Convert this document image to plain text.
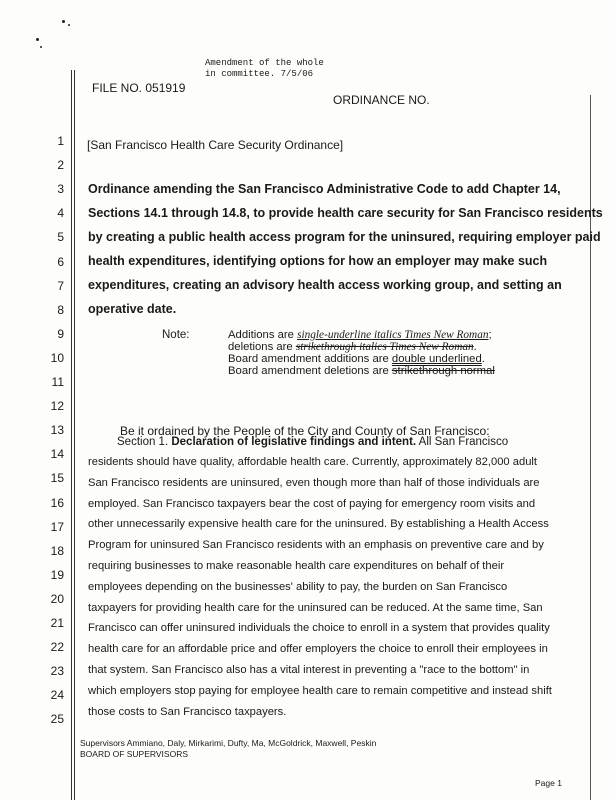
Amendment of the whole
in committee. 7/5/06
FILE NO. 051919
ORDINANCE NO.
1
2
3
4
5
6
7
8
9
10
11
12
13
14
15
16
17
18
19
20
21
22
23
24
25
[San Francisco Health Care Security Ordinance]
Ordinance amending the San Francisco Administrative Code to add Chapter 14,
Sections 14.1 through 14.8, to provide health care security for San Francisco residents
by creating a public health access program for the uninsured, requiring employer paid
health expenditures, identifying options for how an employer may make such
expenditures, creating an advisory health access working group, and setting an
operative date.
Note:	Additions are single-underline italics Times New Roman;
deletions are strikethrough italics Times New Roman.
Board amendment additions are double underlined.
Board amendment deletions are strikethrough normal
Be it ordained by the People of the City and County of San Francisco:
Section 1. Declaration of legislative findings and intent. All San Francisco
residents should have quality, affordable health care. Currently, approximately 82,000 adult
San Francisco residents are uninsured, even though more than half of those individuals are
employed. San Francisco taxpayers bear the cost of paying for emergency room visits and
other unnecessarily expensive health care for the uninsured. By establishing a Health Access
Program for uninsured San Francisco residents with an emphasis on preventive care and by
requiring businesses to make reasonable health care expenditures on behalf of their
employees depending on the businesses' ability to pay, the burden on San Francisco
taxpayers for providing health care for the uninsured can be reduced. At the same time, San
Francisco can offer uninsured individuals the choice to enroll in a system that provides quality
health care for an affordable price and offer employers the choice to enroll their employees in
that system. San Francisco also has a vital interest in preventing a "race to the bottom" in
which employers stop paying for employee health care to remain competitive and instead shift
those costs to San Francisco taxpayers.
Supervisors Ammiano, Daly, Mirkarimi, Dufty, Ma, McGoldrick, Maxwell, Peskin
BOARD OF SUPERVISORS
Page 1
